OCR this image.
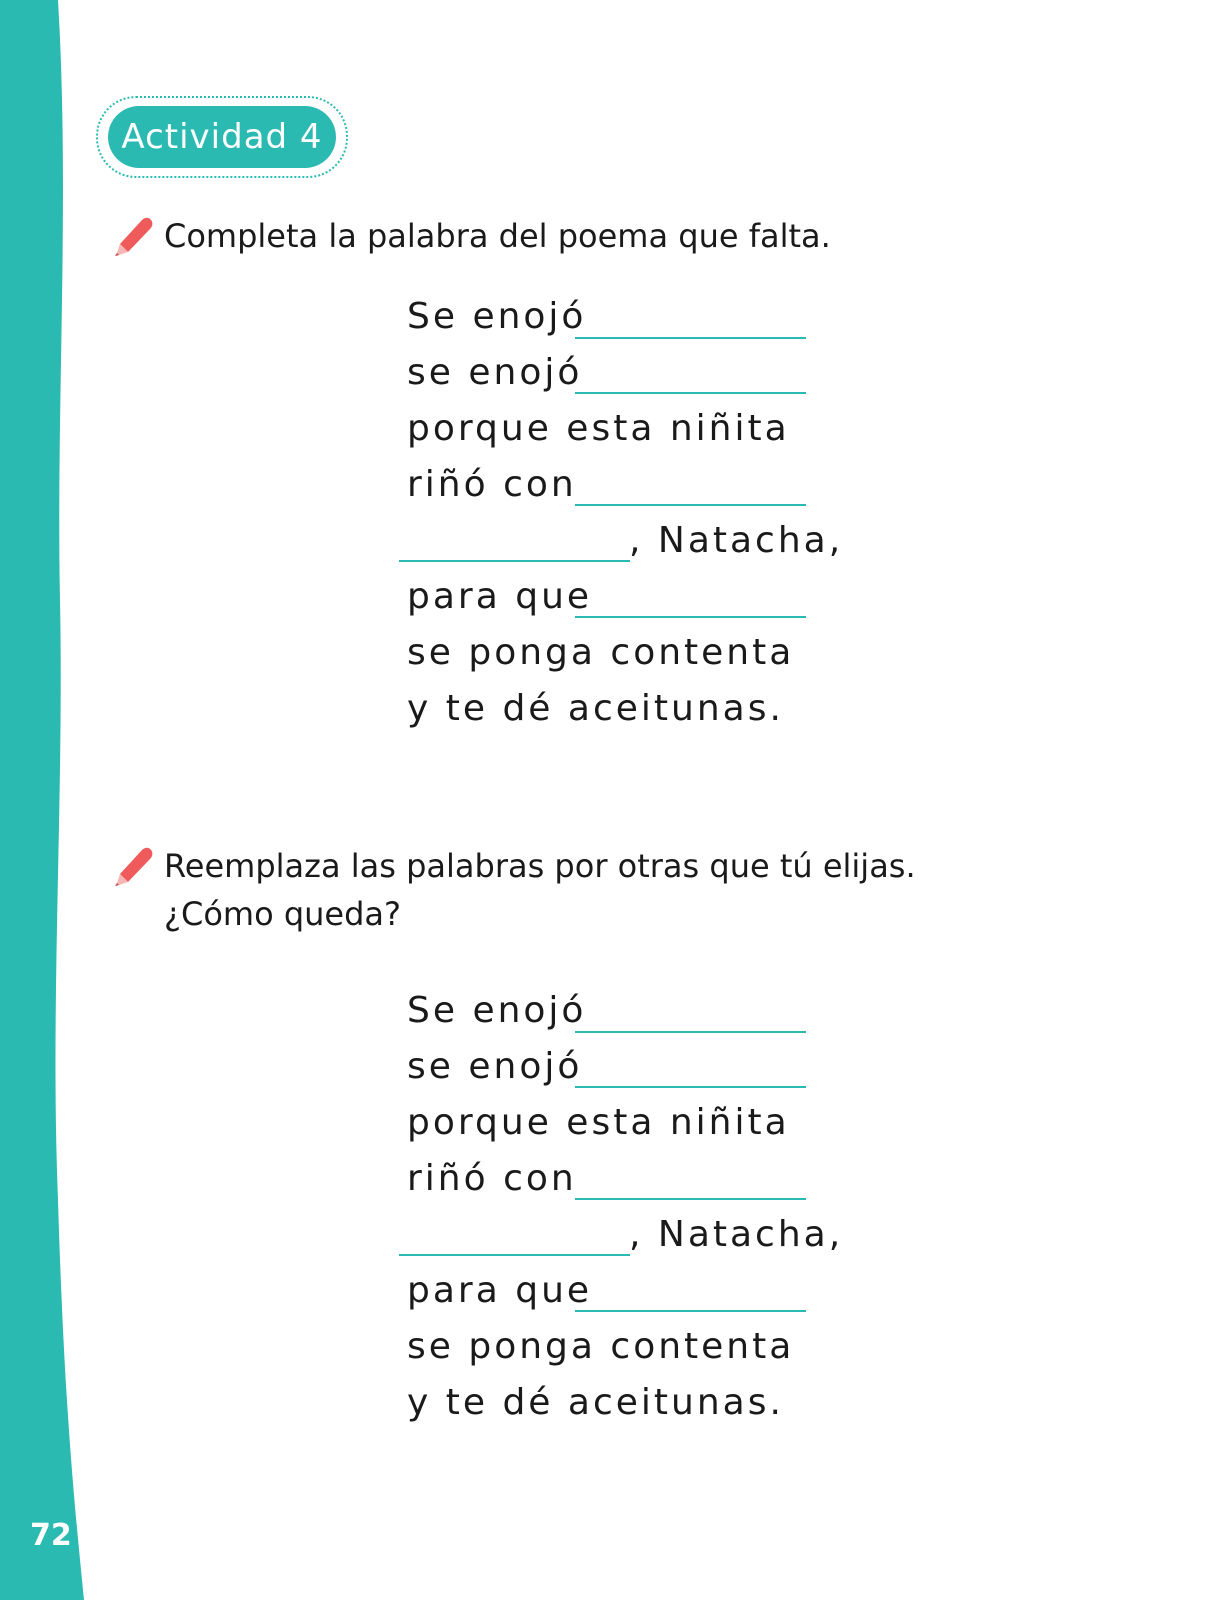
72
Actividad 4
Completa la palabra del poema que falta.
Se enojó
se enojó
porque esta niñita
riñó con
, Natacha,
para que
se ponga contenta
y te dé aceitunas.
Reemplaza las palabras por otras que tú elijas.
¿Cómo queda?
Se enojó
se enojó
porque esta niñita
riñó con
, Natacha,
para que
se ponga contenta
y te dé aceitunas.
